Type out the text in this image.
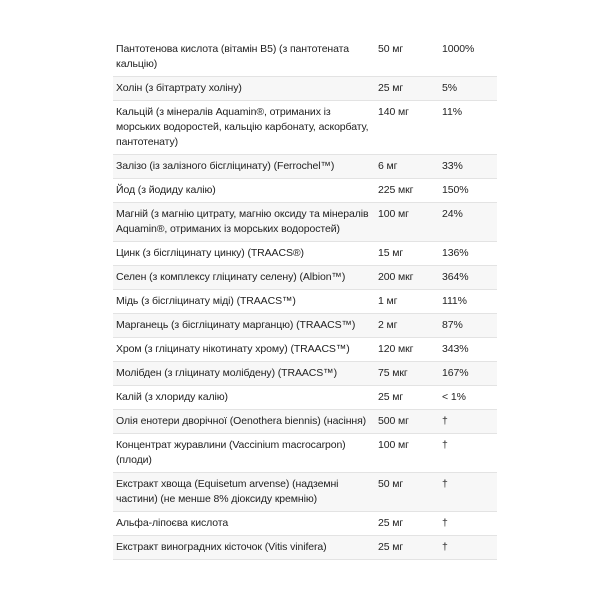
Пантотенова кислота (вітамін В5) (з пантотената кальцію)	50 мг	1000%
Холін (з бітартрату холіну)	25 мг	5%
Кальцій (з мінералів Aquamin®, отриманих із морських водоростей, кальцію карбонату, аскорбату, пантотенату)	140 мг	11%
Залізо (із залізного бісгліцинату) (Ferrochel™)	6 мг	33%
Йод (з йодиду калію)	225 мкг	150%
Магній (з магнію цитрату, магнію оксиду та мінералів Aquamin®, отриманих із морських водоростей)	100 мг	24%
Цинк (з бісгліцинату цинку) (TRAACS®)	15 мг	136%
Селен (з комплексу гліцинату селену) (Albion™)	200 мкг	364%
Мідь (з бісгліцинату міді) (TRAACS™)	1 мг	111%
Марганець (з бісгліцинату марганцю) (TRAACS™)	2 мг	87%
Хром (з гліцинату нікотинату хрому) (TRAACS™)	120 мкг	343%
Молібден (з гліцинату молібдену) (TRAACS™)	75 мкг	167%
Калій (з хлориду калію)	25 мг	< 1%
Олія енотери дворічної (Oenothera biennis) (насіння)	500 мг	†
Концентрат журавлини (Vaccinium macrocarpon) (плоди)	100 мг	†
Екстракт хвоща (Equisetum arvense) (надземні частини) (не менше 8% діоксиду кремнію)	50 мг	†
Альфа-ліпоєва кислота	25 мг	†
Екстракт виноградних кісточок (Vitis vinifera)	25 мг	†
